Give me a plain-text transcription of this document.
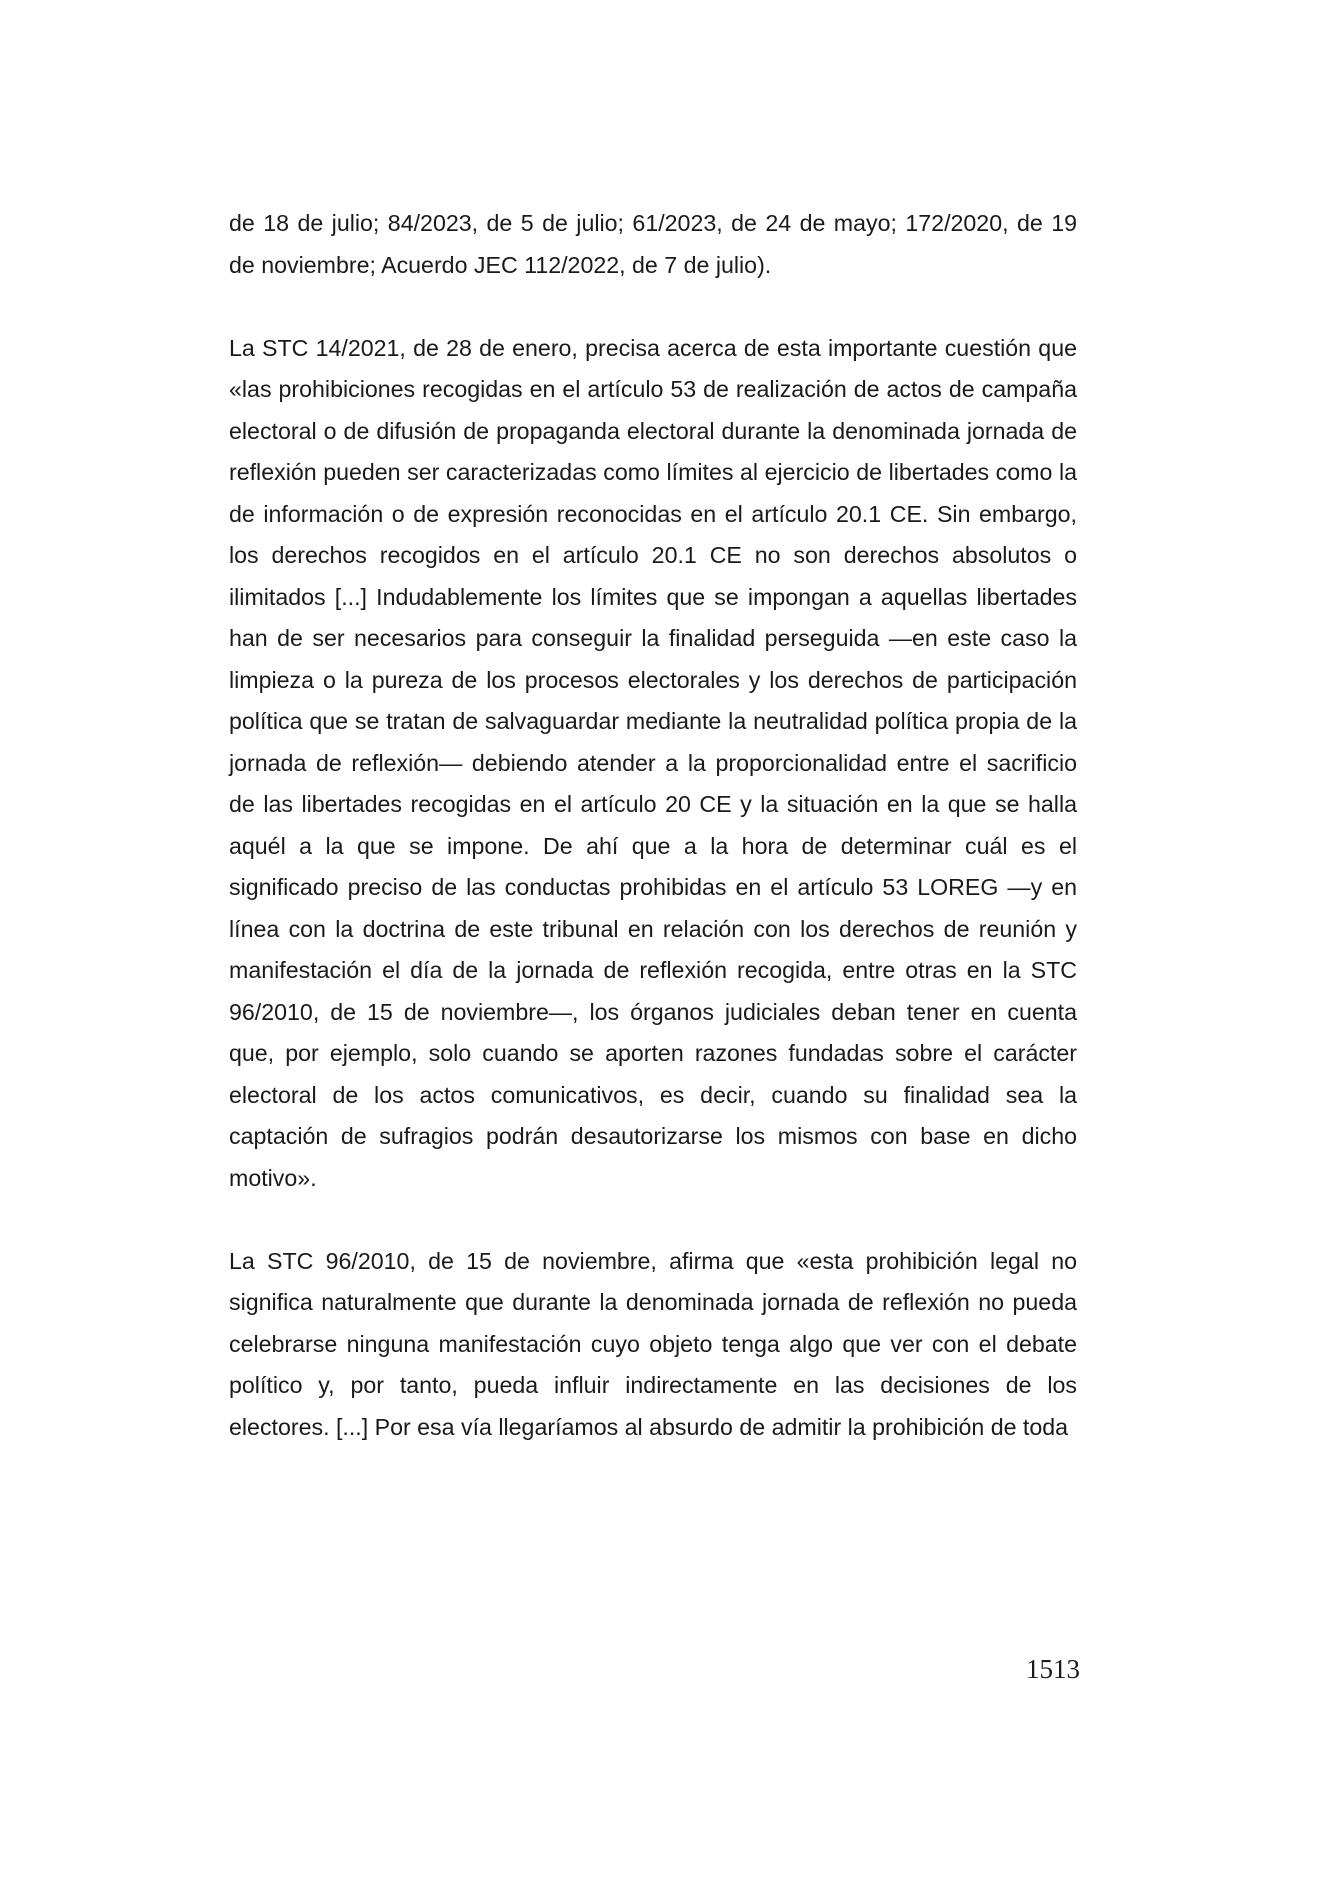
de 18 de julio; 84/2023, de 5 de julio; 61/2023, de 24 de mayo; 172/2020, de 19 de noviembre; Acuerdo JEC 112/2022, de 7 de julio).

La STC 14/2021, de 28 de enero, precisa acerca de esta importante cuestión que «las prohibiciones recogidas en el artículo 53 de realización de actos de campaña electoral o de difusión de propaganda electoral durante la denominada jornada de reflexión pueden ser caracterizadas como límites al ejercicio de libertades como la de información o de expresión reconocidas en el artículo 20.1 CE. Sin embargo, los derechos recogidos en el artículo 20.1 CE no son derechos absolutos o ilimitados [...] Indudablemente los límites que se impongan a aquellas libertades han de ser necesarios para conseguir la finalidad perseguida —en este caso la limpieza o la pureza de los procesos electorales y los derechos de participación política que se tratan de salvaguardar mediante la neutralidad política propia de la jornada de reflexión— debiendo atender a la proporcionalidad entre el sacrificio de las libertades recogidas en el artículo 20 CE y la situación en la que se halla aquél a la que se impone. De ahí que a la hora de determinar cuál es el significado preciso de las conductas prohibidas en el artículo 53 LOREG —y en línea con la doctrina de este tribunal en relación con los derechos de reunión y manifestación el día de la jornada de reflexión recogida, entre otras en la STC 96/2010, de 15 de noviembre—, los órganos judiciales deban tener en cuenta que, por ejemplo, solo cuando se aporten razones fundadas sobre el carácter electoral de los actos comunicativos, es decir, cuando su finalidad sea la captación de sufragios podrán desautorizarse los mismos con base en dicho motivo».

La STC 96/2010, de 15 de noviembre, afirma que «esta prohibición legal no significa naturalmente que durante la denominada jornada de reflexión no pueda celebrarse ninguna manifestación cuyo objeto tenga algo que ver con el debate político y, por tanto, pueda influir indirectamente en las decisiones de los electores. [...] Por esa vía llegaríamos al absurdo de admitir la prohibición de toda

1513
